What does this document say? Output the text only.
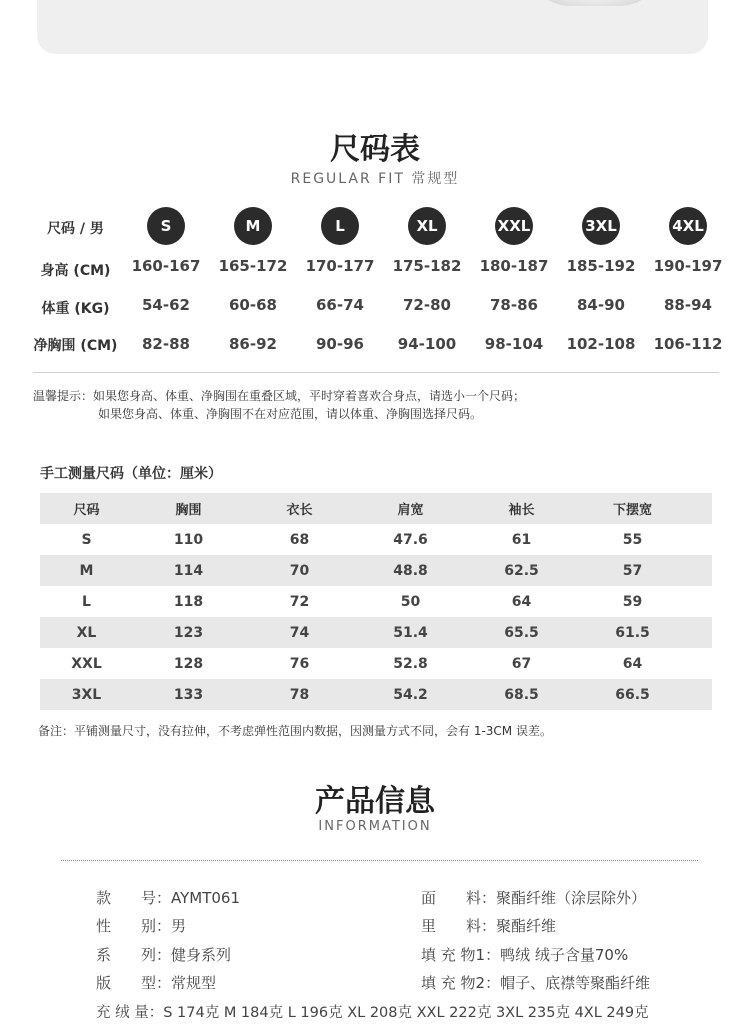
尺码表
REGULAR FIT 常规型
尺码 / 男	S	M	L	XL	XXL	3XL	4XL
身高 (CM)	160-167	165-172	170-177	175-182	180-187	185-192	190-197
体重 (KG)	54-62	60-68	66-74	72-80	78-86	84-90	88-94
净胸围 (CM)	82-88	86-92	90-96	94-100	98-104	102-108	106-112
温馨提示：如果您身高、体重、净胸围在重叠区域，平时穿着喜欢合身点，请选小一个尺码；
如果您身高、体重、净胸围不在对应范围，请以体重、净胸围选择尺码。
手工测量尺码（单位：厘米）
尺码	胸围	衣长	肩宽	袖长	下摆宽
S	110	68	47.6	61	55
M	114	70	48.8	62.5	57
L	118	72	50	64	59
XL	123	74	51.4	65.5	61.5
XXL	128	76	52.8	67	64
3XL	133	78	54.2	68.5	66.5
备注：平铺测量尺寸，没有拉伸，不考虑弹性范围内数据，因测量方式不同，会有 1-3CM 误差。
产品信息
INFORMATION
款　　号：AYMT061
性　　别：男
系　　列：健身系列
版　　型：常规型
面　　料：聚酯纤维（涂层除外）
里　　料：聚酯纤维
填 充 物1：鸭绒 绒子含量70%
填 充 物2：帽子、底襟等聚酯纤维
充 绒 量：S 174克 M 184克 L 196克 XL 208克 XXL 222克 3XL 235克 4XL 249克
